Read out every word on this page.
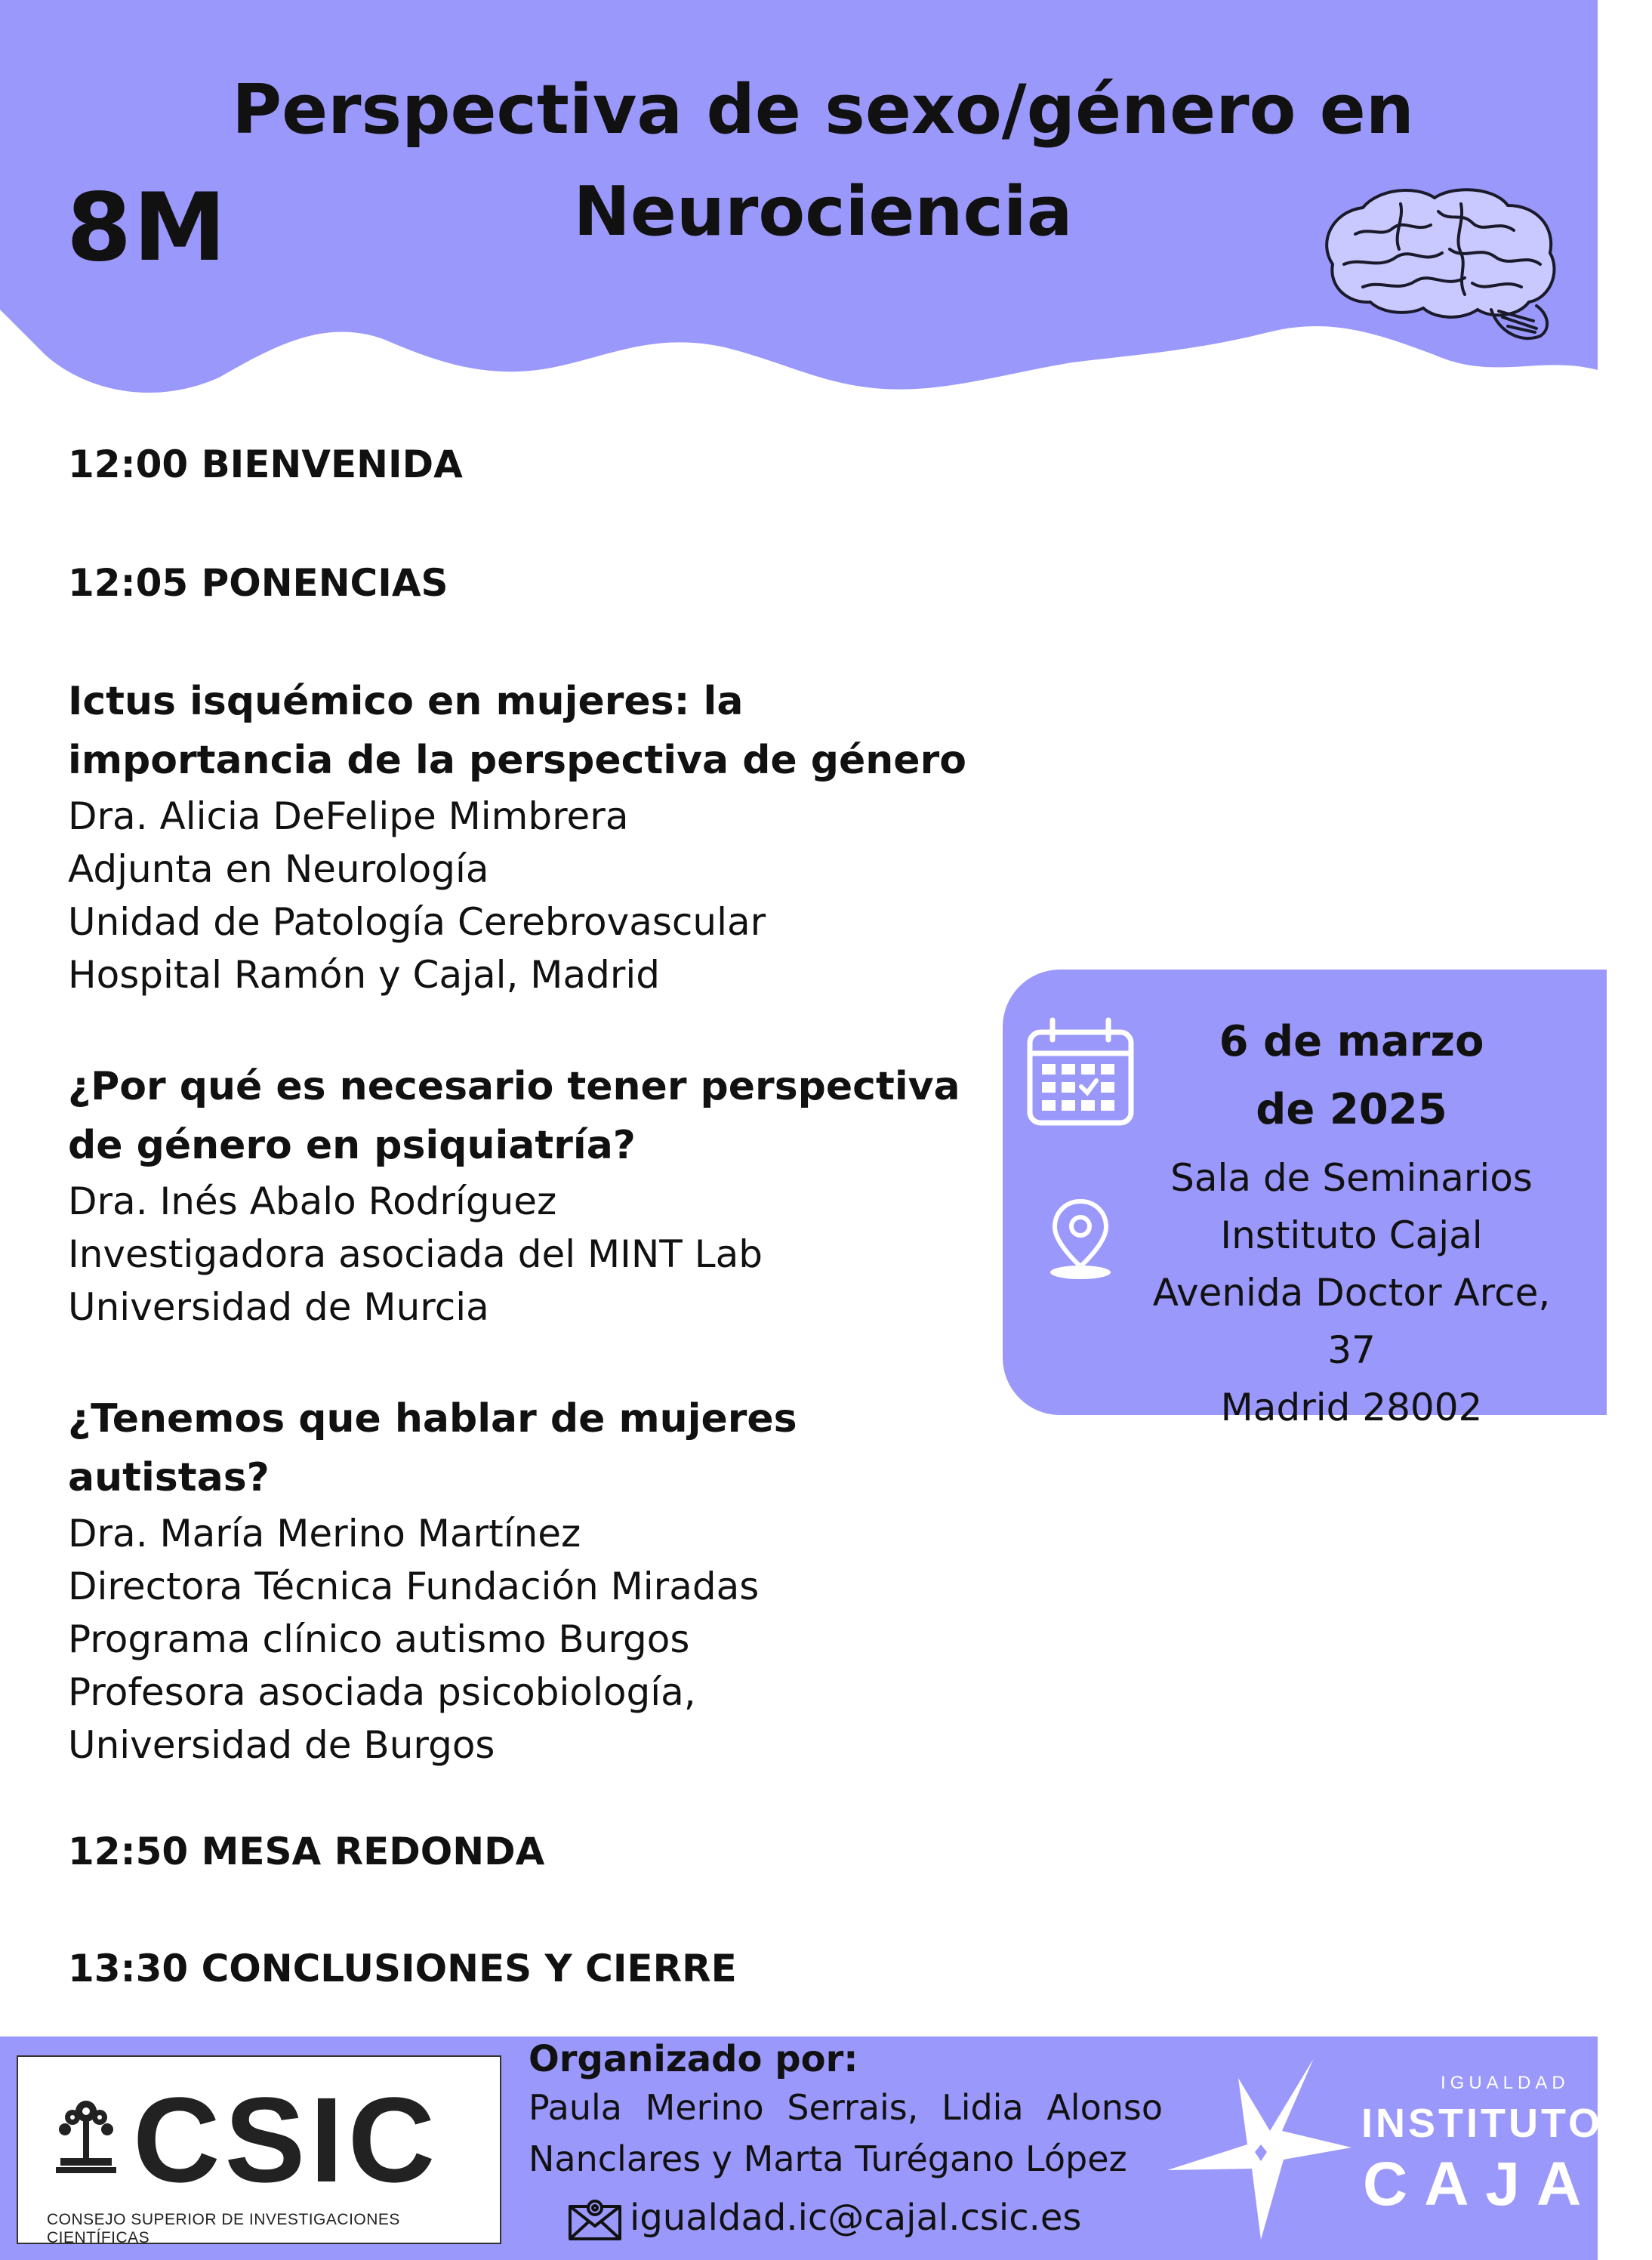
Perspectiva de sexo/género en
Neurociencia
8M
12:00 BIENVENIDA
12:05 PONENCIAS
Ictus isquémico en mujeres: la
importancia de la perspectiva de género
Dra. Alicia DeFelipe Mimbrera
Adjunta en Neurología
Unidad de Patología Cerebrovascular
Hospital Ramón y Cajal, Madrid
¿Por qué es necesario tener perspectiva
de género en psiquiatría?
Dra. Inés Abalo Rodríguez
Investigadora asociada del MINT Lab
Universidad de Murcia
¿Tenemos que hablar de mujeres
autistas?
Dra. María Merino Martínez
Directora Técnica Fundación Miradas
Programa clínico autismo Burgos
Profesora asociada psicobiología,
Universidad de Burgos
12:50 MESA REDONDA
13:30 CONCLUSIONES Y CIERRE
6 de marzo
de 2025
Sala de Seminarios
Instituto Cajal
Avenida Doctor Arce, 37
Madrid 28002
CSIC
CONSEJO SUPERIOR DE INVESTIGACIONES CIENTÍFICAS
Organizado por:
Paula Merino Serrais, Lidia Alonso
Nanclares y Marta Turégano López
igualdad.ic@cajal.csic.es
IGUALDAD
INSTITUTO
CAJAL
